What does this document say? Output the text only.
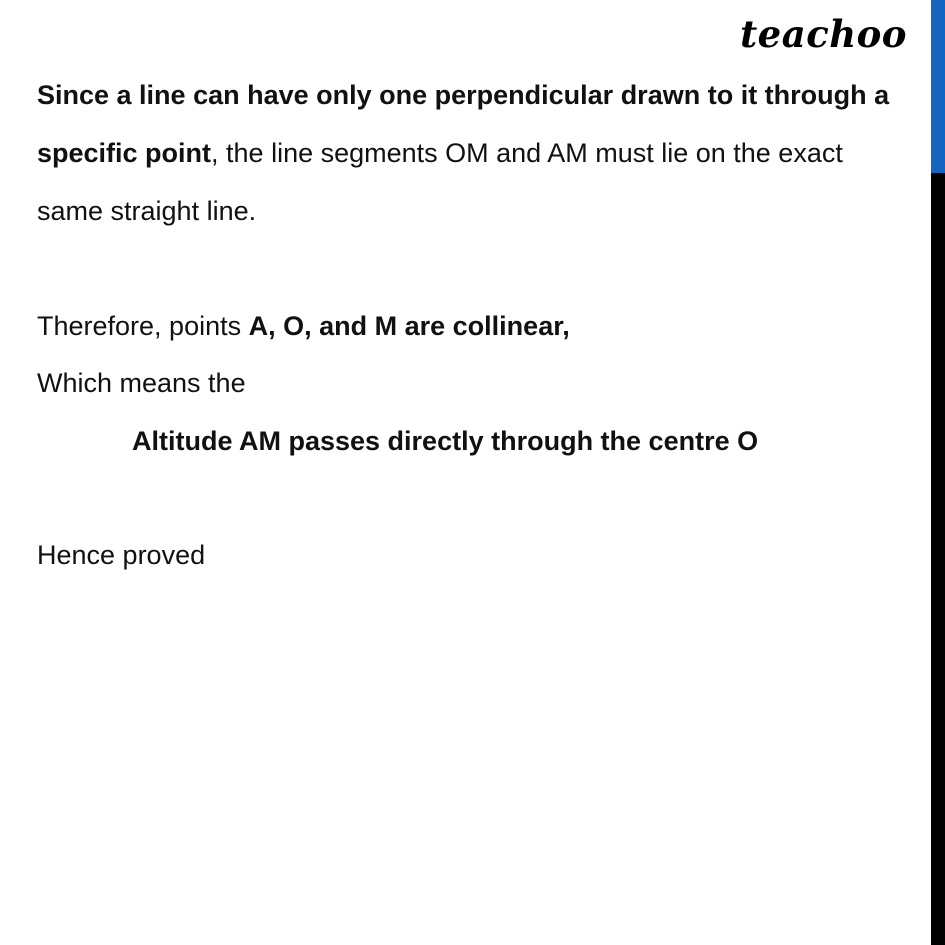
teachoo
Since a line can have only one perpendicular drawn to it through a
specific point, the line segments OM and AM must lie on the exact
same straight line.
Therefore, points A, O, and M are collinear,
Which means the
Altitude AM passes directly through the centre O
Hence proved
